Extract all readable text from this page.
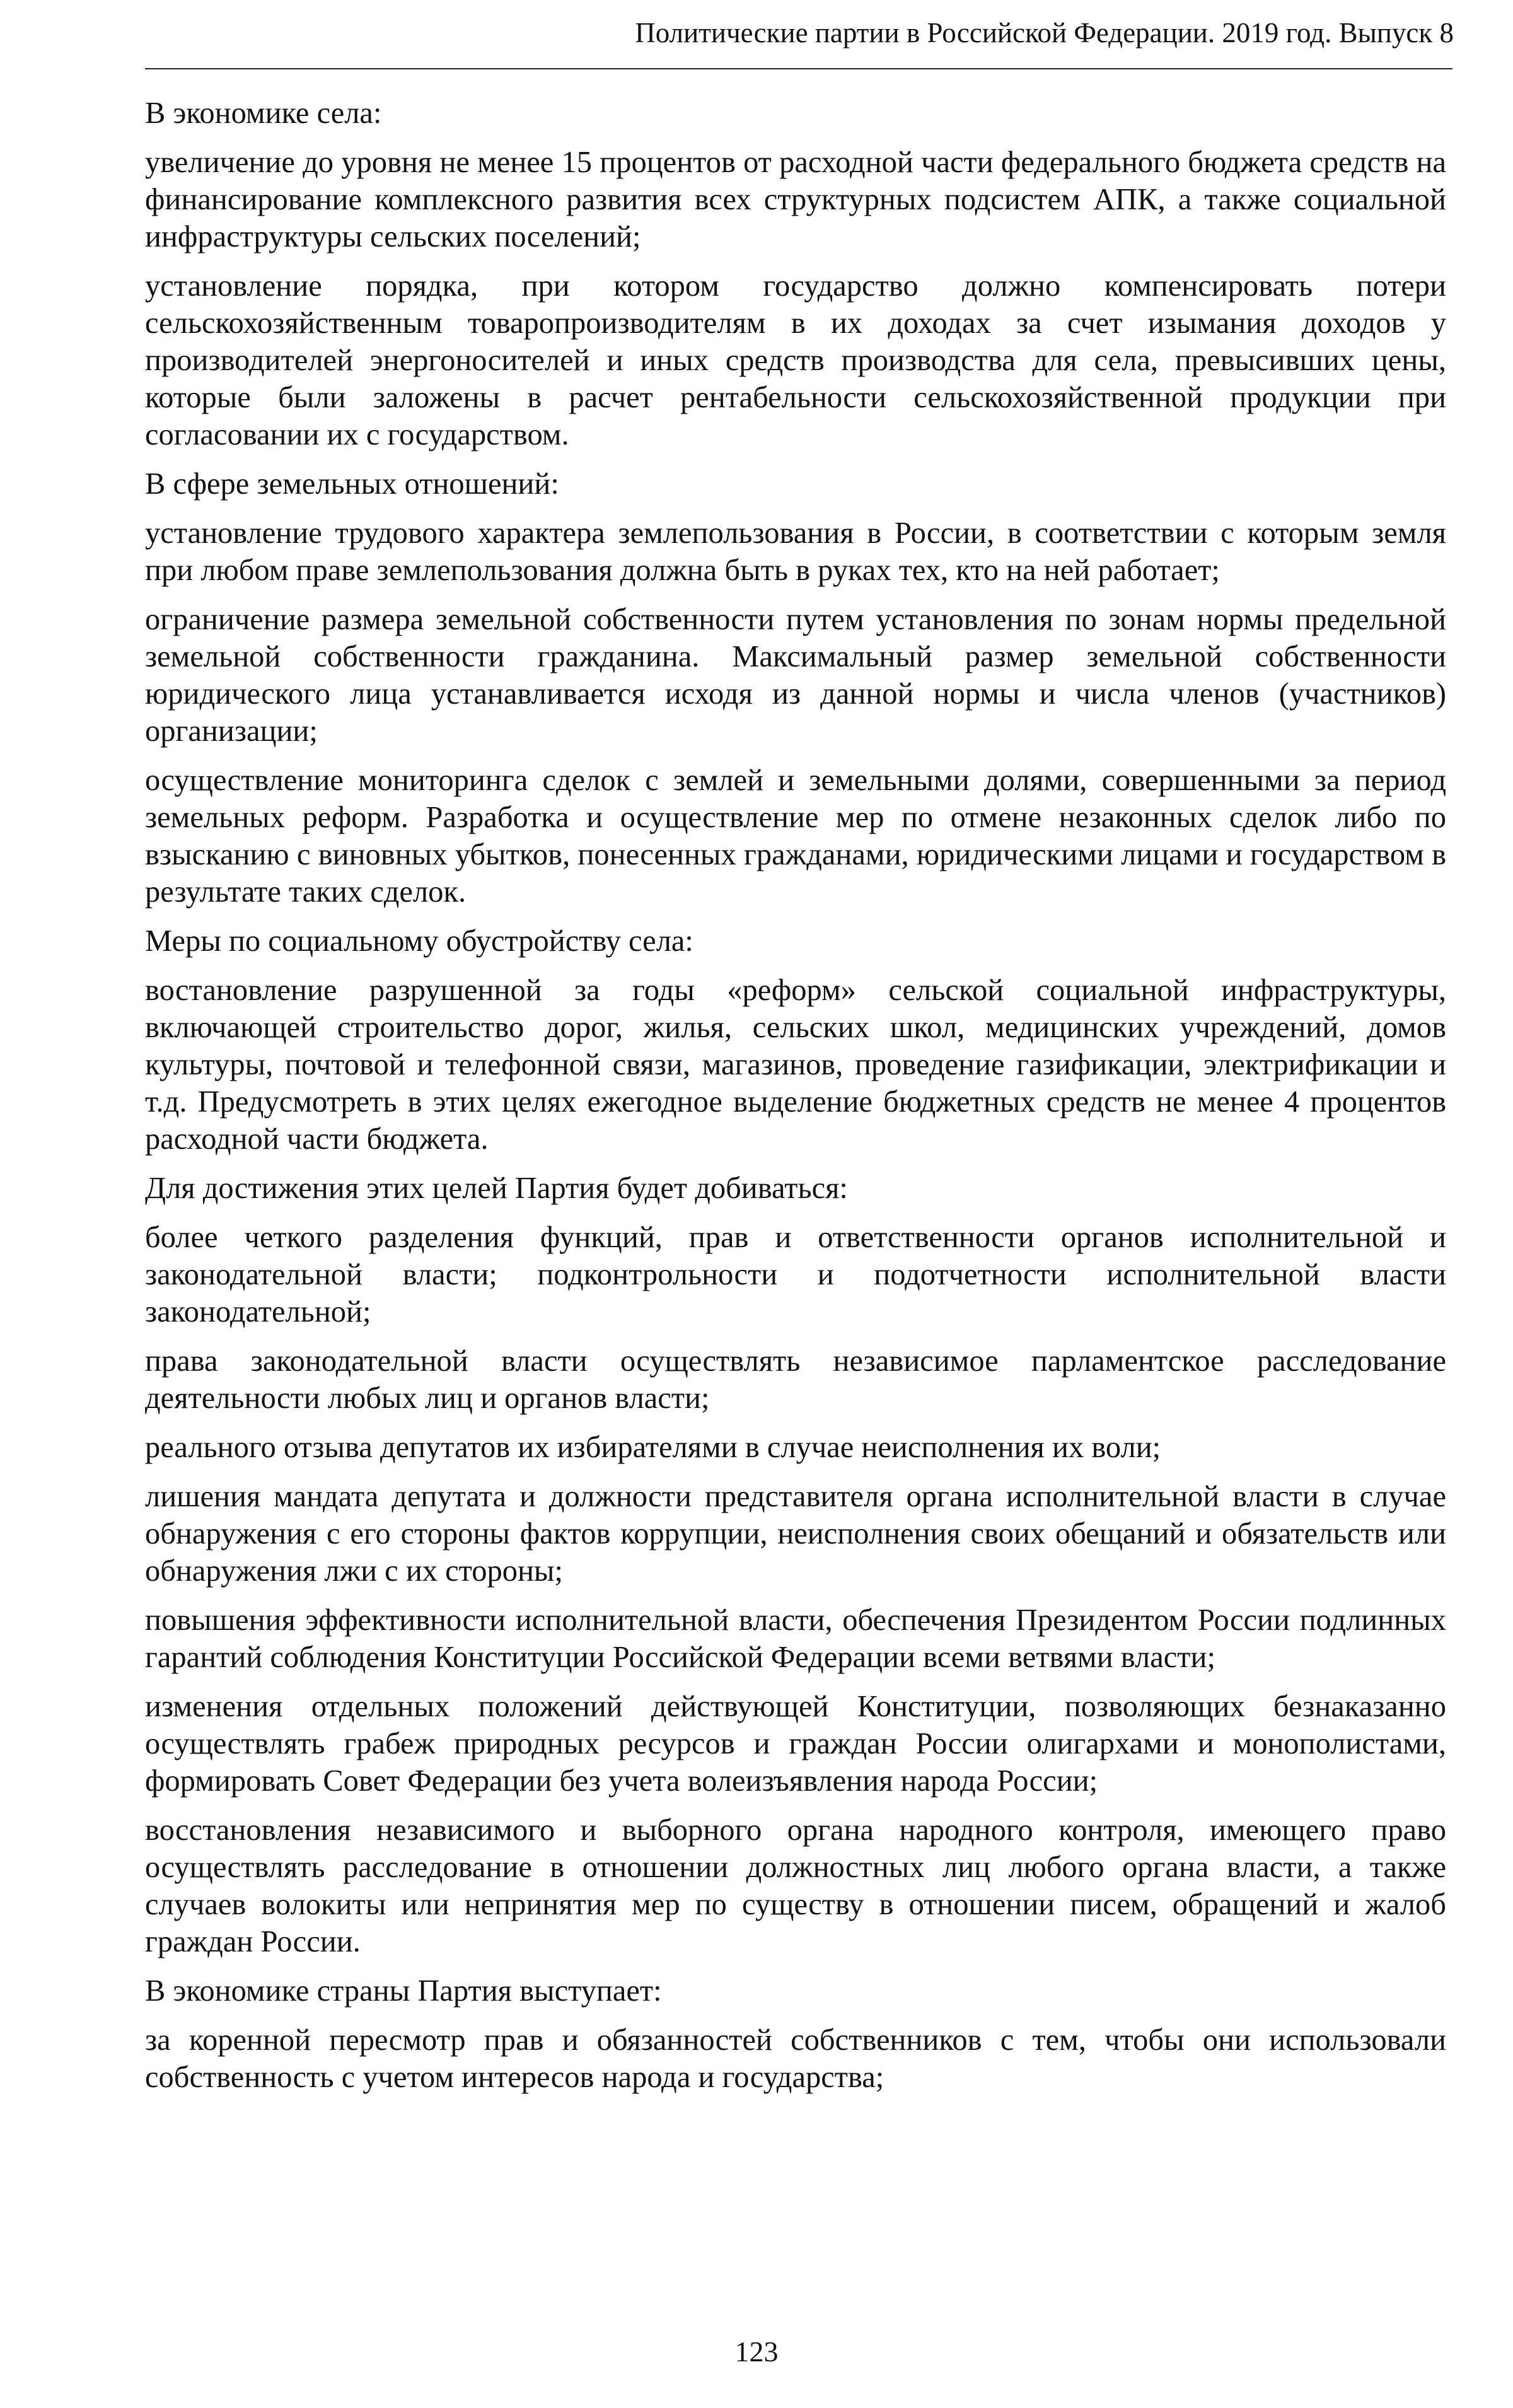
Политические партии в Российской Федерации. 2019 год. Выпуск 8

В экономике села:

увеличение до уровня не менее 15 процентов от расходной части федерального бюджета средств на финансирование комплексного развития всех структурных подсистем АПК, а также социальной инфраструктуры сельских поселений;

установление порядка, при котором государство должно компенсировать потери сельскохозяйственным товаропроизводителям в их доходах за счет изымания доходов у производителей энергоносителей и иных средств производства для села, превысивших цены, которые были заложены в расчет рентабельности сельскохозяйственной продукции при согласовании их с государством.

В сфере земельных отношений:

установление трудового характера землепользования в России, в соответствии с которым земля при любом праве землепользования должна быть в руках тех, кто на ней работает;

ограничение размера земельной собственности путем установления по зонам нормы предельной земельной собственности гражданина. Максимальный размер земельной собственности юридического лица устанавливается исходя из данной нормы и числа членов (участников) организации;

осуществление мониторинга сделок с землей и земельными долями, совершенными за период земельных реформ. Разработка и осуществление мер по отмене незаконных сделок либо по взысканию с виновных убытков, понесенных гражданами, юридическими лицами и государством в результате таких сделок.

Меры по социальному обустройству села:

востановление разрушенной за годы «реформ» сельской социальной инфраструктуры, включающей строительство дорог, жилья, сельских школ, медицинских учреждений, домов культуры, почтовой и телефонной связи, магазинов, проведение газификации, электрификации и т.д. Предусмотреть в этих целях ежегодное выделение бюджетных средств не менее 4 процентов расходной части бюджета.

Для достижения этих целей Партия будет добиваться:

более четкого разделения функций, прав и ответственности органов исполнительной и законодательной власти; подконтрольности и подотчетности исполнительной власти законодательной;

права законодательной власти осуществлять независимое парламентское расследование деятельности любых лиц и органов власти;

реального отзыва депутатов их избирателями в случае неисполнения их воли;

лишения мандата депутата и должности представителя органа исполнительной власти в случае обнаружения с его стороны фактов коррупции, неисполнения своих обещаний и обязательств или обнаружения лжи с их стороны;

повышения эффективности исполнительной власти, обеспечения Президентом России подлинных гарантий соблюдения Конституции Российской Федерации всеми ветвями власти;

изменения отдельных положений действующей Конституции, позволяющих безнаказанно осуществлять грабеж природных ресурсов и граждан России олигархами и монополистами, формировать Совет Федерации без учета волеизъявления народа России;

восстановления независимого и выборного органа народного контроля, имеющего право осуществлять расследование в отношении должностных лиц любого органа власти, а также случаев волокиты или непринятия мер по существу в отношении писем, обращений и жалоб граждан России.

В экономике страны Партия выступает:

за коренной пересмотр прав и обязанностей собственников с тем, чтобы они использовали собственность с учетом интересов народа и государства;

123
